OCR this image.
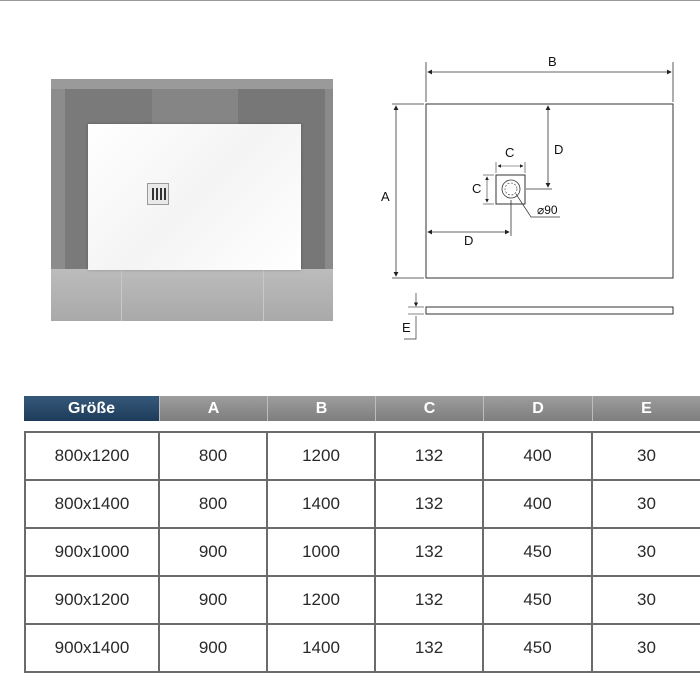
B
A
C
C
D
D
⌀90
E
Größe	A	B	C	D	E
800x1200	800	1200	132	400	30
800x1400	800	1400	132	400	30
900x1000	900	1000	132	450	30
900x1200	900	1200	132	450	30
900x1400	900	1400	132	450	30
